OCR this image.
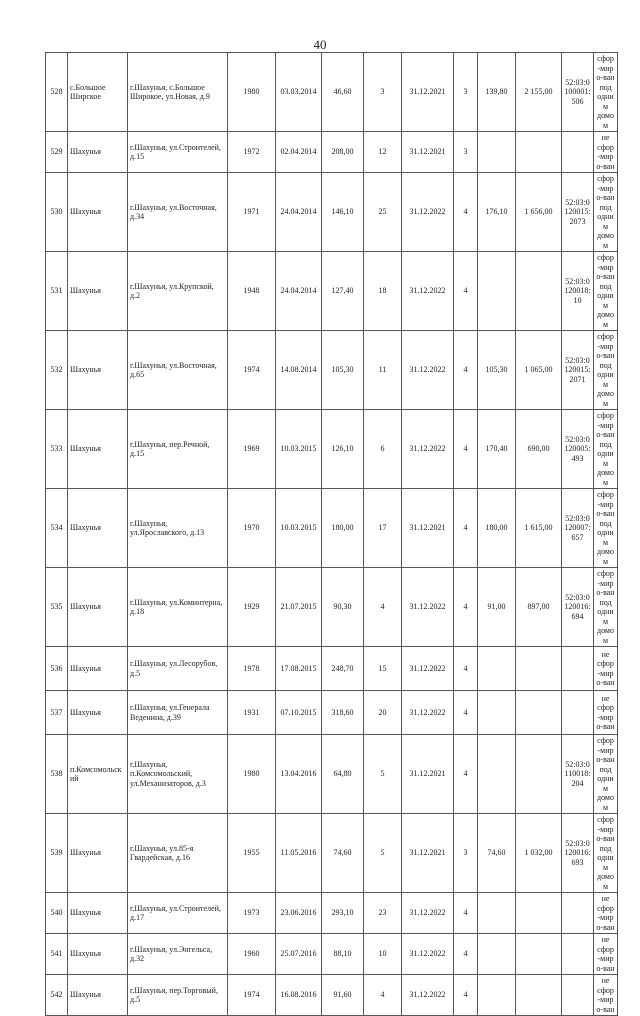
40
528	с.Большое Ширское	г.Шахунья, с.Большое Широкое, ул.Новая, д.9	1980	03.03.2014	46,60	3	31.12.2021	3	139,80	2 155,00	52:03:0100001:506	сфор-миро-ван под одним домом
529	Шахунья	г.Шахунья, ул.Строителей, д.15	1972	02.04.2014	208,00	12	31.12.2021	3				не сфор-миро-ван
530	Шахунья	г.Шахунья, ул.Восточная, д.34	1971	24.04.2014	146,10	25	31.12.2022	4	176,10	1 656,00	52:03:0120015:2073	сфор-миро-ван под одним домом
531	Шахунья	г.Шахунья, ул.Крупской, д.2	1948	24.04.2014	127,40	18	31.12.2022	4			52:03:0120018:10	сфор-миро-ван под одним домом
532	Шахунья	г.Шахунья, ул.Восточная, д.65	1974	14.08.2014	105,30	11	31.12.2022	4	105,30	1 065,00	52:03:0120015:2071	сфор-миро-ван под одним домом
533	Шахунья	г.Шахунья, пер.Речной, д.15	1969	10.03.2015	126,10	6	31.12.2022	4	170,40	690,00	52:03:0120005:493	сфор-миро-ван под одним домом
534	Шахунья	г.Шахунья, ул.Ярославского, д.13	1970	10.03.2015	180,00	17	31.12.2021	4	180,00	1 615,00	52:03:0120007:657	сфор-миро-ван под одним домом
535	Шахунья	г.Шахунья, ул.Коминтерна, д.18	1929	21.07.2015	90,30	4	31.12.2022	4	91,00	897,00	52:03:0120016:694	сфор-миро-ван под одним домом
536	Шахунья	г.Шахунья, ул.Лесорубов, д.5	1978	17.08.2015	248,70	15	31.12.2022	4				не сфор-миро-ван
537	Шахунья	г.Шахунья, ул.Генерала Веденина, д.39	1931	07.10.2015	318,60	20	31.12.2022	4				не сфор-миро-ван
538	п.Комсомольский	г.Шахунья, п.Комсомольский, ул.Механизаторов, д.3	1980	13.04.2016	64,80	5	31.12.2021	4			52:03:0110018:204	сфор-миро-ван под одним домом
539	Шахунья	г.Шахунья, ул.85-я Гвардейская, д.16	1955	11.05.2016	74,60	5	31.12.2021	3	74,60	1 032,00	52:03:0120016:693	сфор-миро-ван под одним домом
540	Шахунья	г.Шахунья, ул.Строителей, д.17	1973	23.06.2016	293,10	23	31.12.2022	4				не сфор-миро-ван
541	Шахунья	г.Шахунья, ул.Энгельса, д.32	1960	25.07.2016	88,10	10	31.12.2022	4				не сфор-миро-ван
542	Шахунья	г.Шахунья, пер.Торговый, д.5	1974	16.08.2016	91,60	4	31.12.2022	4				не сфор-миро-ван
